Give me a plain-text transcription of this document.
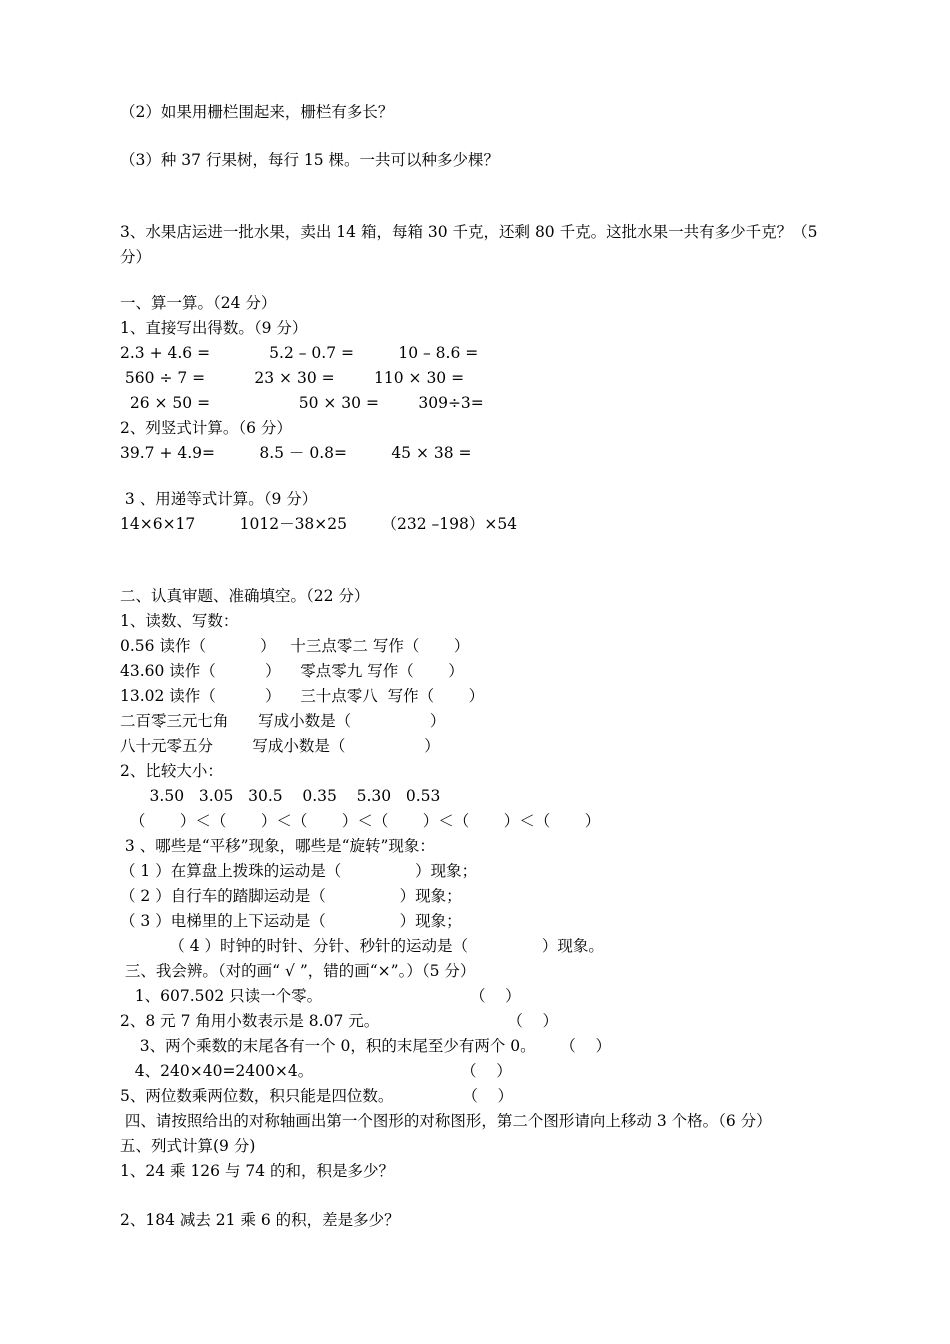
（2）如果用栅栏围起来，栅栏有多长？
（3）种 37 行果树，每行 15 棵。一共可以种多少棵？
3、水果店运进一批水果，卖出 14 箱，每箱 30 千克，还剩 80 千克。这批水果一共有多少千克？（5
分）
一、算一算。（24 分）
1、直接写出得数。（9 分）
2.3 + 4.6 =            5.2 – 0.7 =         10 – 8.6 =
560 ÷ 7 =          23 × 30 =        110 × 30 =
26 × 50 =                  50 × 30 =        309÷3=
2、列竖式计算。（6 分）
39.7 + 4.9=         8.5 － 0.8=         45 × 38 =
3 、用递等式计算。（9 分）
14×6×17         1012－38×25       （232 –198）×54
二、认真审题、准确填空。（22 分）
1、读数、写数：
0.56 读作（           ）   十三点零二 写作（       ）
43.60 读作（          ）    零点零九 写作（       ）
13.02 读作（          ）    三十点零八  写作（       ）
二百零三元七角      写成小数是（                ）
八十元零五分        写成小数是（                ）
2、比较大小：
3.50   3.05   30.5    0.35    5.30   0.53
（       ）＜（       ）＜（       ）＜（       ）＜（       ）＜（       ）
3 、哪些是“平移”现象，哪些是“旋转”现象：
（ 1 ）在算盘上拨珠的运动是（               ）现象；
（ 2 ）自行车的踏脚运动是（               ）现象；
（ 3 ）电梯里的上下运动是（               ）现象；
（ 4 ）时钟的时针、分针、秒针的运动是（               ）现象。
三、我会辨。（对的画“ √ ”，错的画“×”。）（5 分）
1、607.502 只读一个零。                              （    ）
2、8 元 7 角用小数表示是 8.07 元。                          （    ）
3、两个乘数的末尾各有一个 0，积的末尾至少有两个 0。     （    ）
4、240×40=2400×4。                              （    ）
5、两位数乘两位数，积只能是四位数。              （    ）
四、请按照给出的对称轴画出第一个图形的对称图形，第二个图形请向上移动 3 个格。（6 分）
五、列式计算(9 分)
1、24 乘 126 与 74 的和，积是多少？
2、184 减去 21 乘 6 的积，差是多少？
